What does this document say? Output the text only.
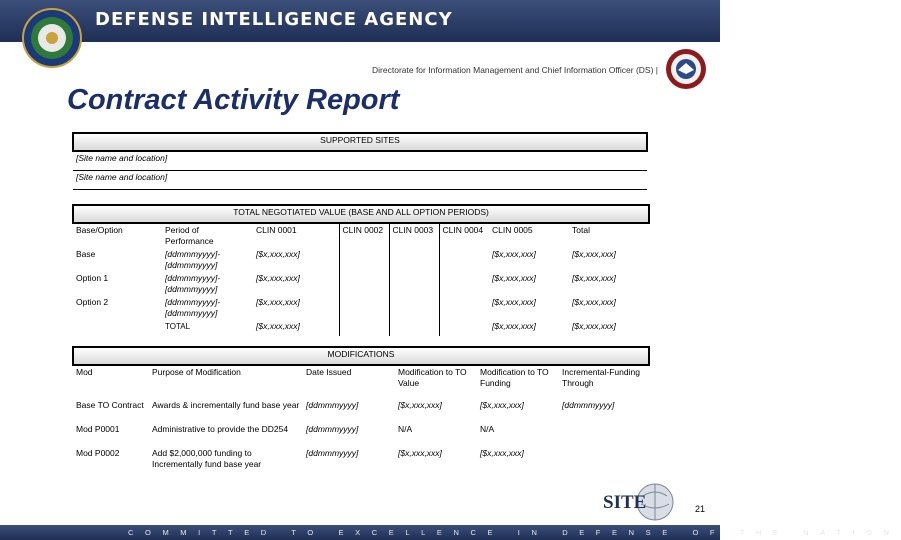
DEFENSE INTELLIGENCE AGENCY
Directorate for Information Management and Chief Information Officer (DS) |
Contract Activity Report
SUPPORTED SITES
[Site name and location]
[Site name and location]
TOTAL NEGOTIATED VALUE (BASE AND ALL OPTION PERIODS)							
Base/Option	Period of Performance	CLIN 0001	CLIN 0002	CLIN 0003	CLIN 0004	CLIN 0005	Total
Base	[ddmmmyyyy]-[ddmmmyyyy]	[$x,xxx,xxx]				[$x,xxx,xxx]	[$x,xxx,xxx]
Option 1	[ddmmmyyyy]-[ddmmmyyyy]	[$x,xxx,xxx]				[$x,xxx,xxx]	[$x,xxx,xxx]
Option 2	[ddmmmyyyy]-[ddmmmyyyy]	[$x,xxx,xxx]				[$x,xxx,xxx]	[$x,xxx,xxx]
	TOTAL	[$x,xxx,xxx]				[$x,xxx,xxx]	[$x,xxx,xxx]
MODIFICATIONS					
Mod	Purpose of Modification	Date Issued	Modification to TO Value	Modification to TO Funding	Incremental-Funding Through
Base TO Contract	Awards & incrementally fund base year	[ddmmmyyyy]	[$x,xxx,xxx]	[$x,xxx,xxx]	[ddmmmyyyy]
Mod P0001	Administrative to provide the DD254	[ddmmmyyyy]	N/A	N/A	
Mod P0002	Add $2,000,000 funding to Incrementally fund base year	[ddmmmyyyy]	[$x,xxx,xxx]	[$x,xxx,xxx]	
SITE	21
COMMITTED TO EXCELLENCE IN DEFENSE OF THE NATION
